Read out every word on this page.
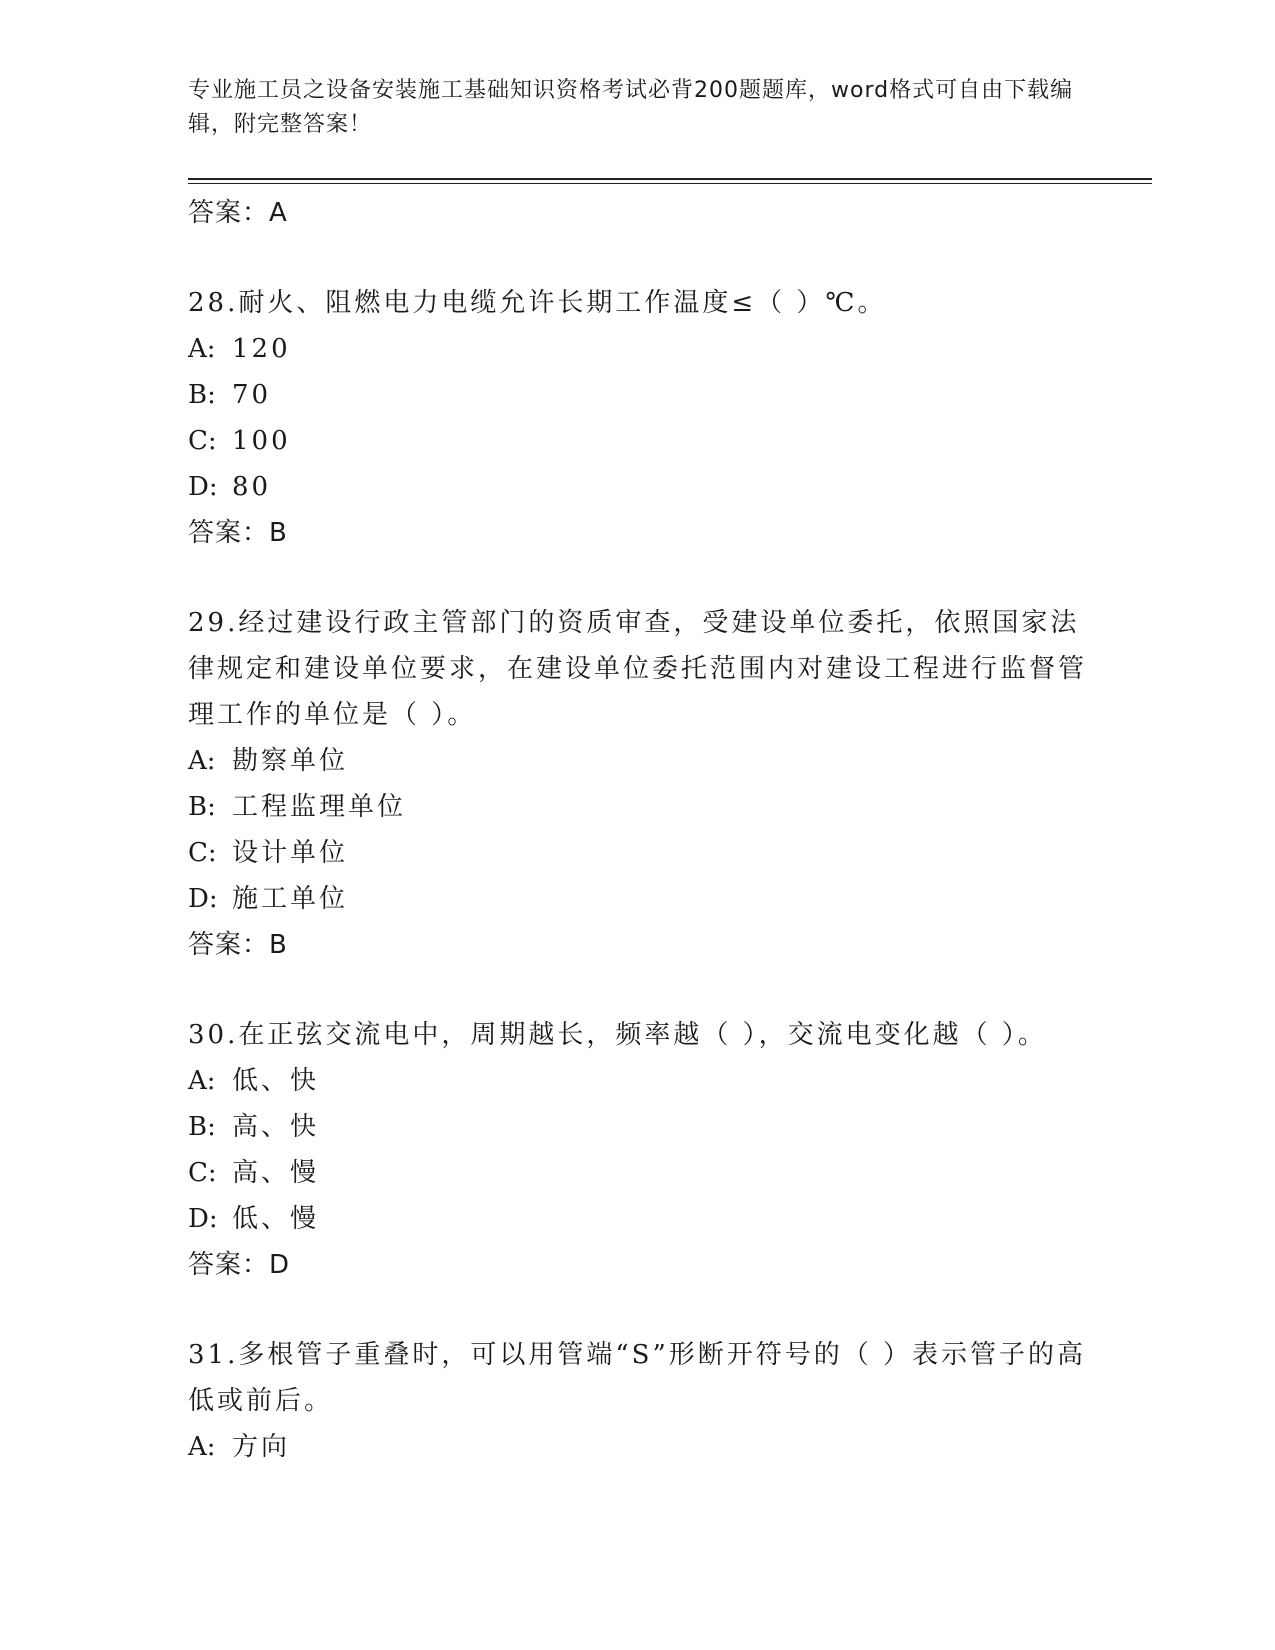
专业施工员之设备安装施工基础知识资格考试必背200题题库，word格式可自由下载编辑，附完整答案！
答案：A
28.耐火、阻燃电力电缆允许长期工作温度≤（ ）℃。
A: 120
B: 70
C: 100
D: 80
答案：B
29.经过建设行政主管部门的资质审查，受建设单位委托，依照国家法律规定和建设单位要求，在建设单位委托范围内对建设工程进行监督管理工作的单位是（ ）。
A: 勘察单位
B: 工程监理单位
C: 设计单位
D: 施工单位
答案：B
30.在正弦交流电中，周期越长，频率越（ ），交流电变化越（ ）。
A: 低、快
B: 高、快
C: 高、慢
D: 低、慢
答案：D
31.多根管子重叠时，可以用管端“S”形断开符号的（ ）表示管子的高低或前后。
A: 方向
